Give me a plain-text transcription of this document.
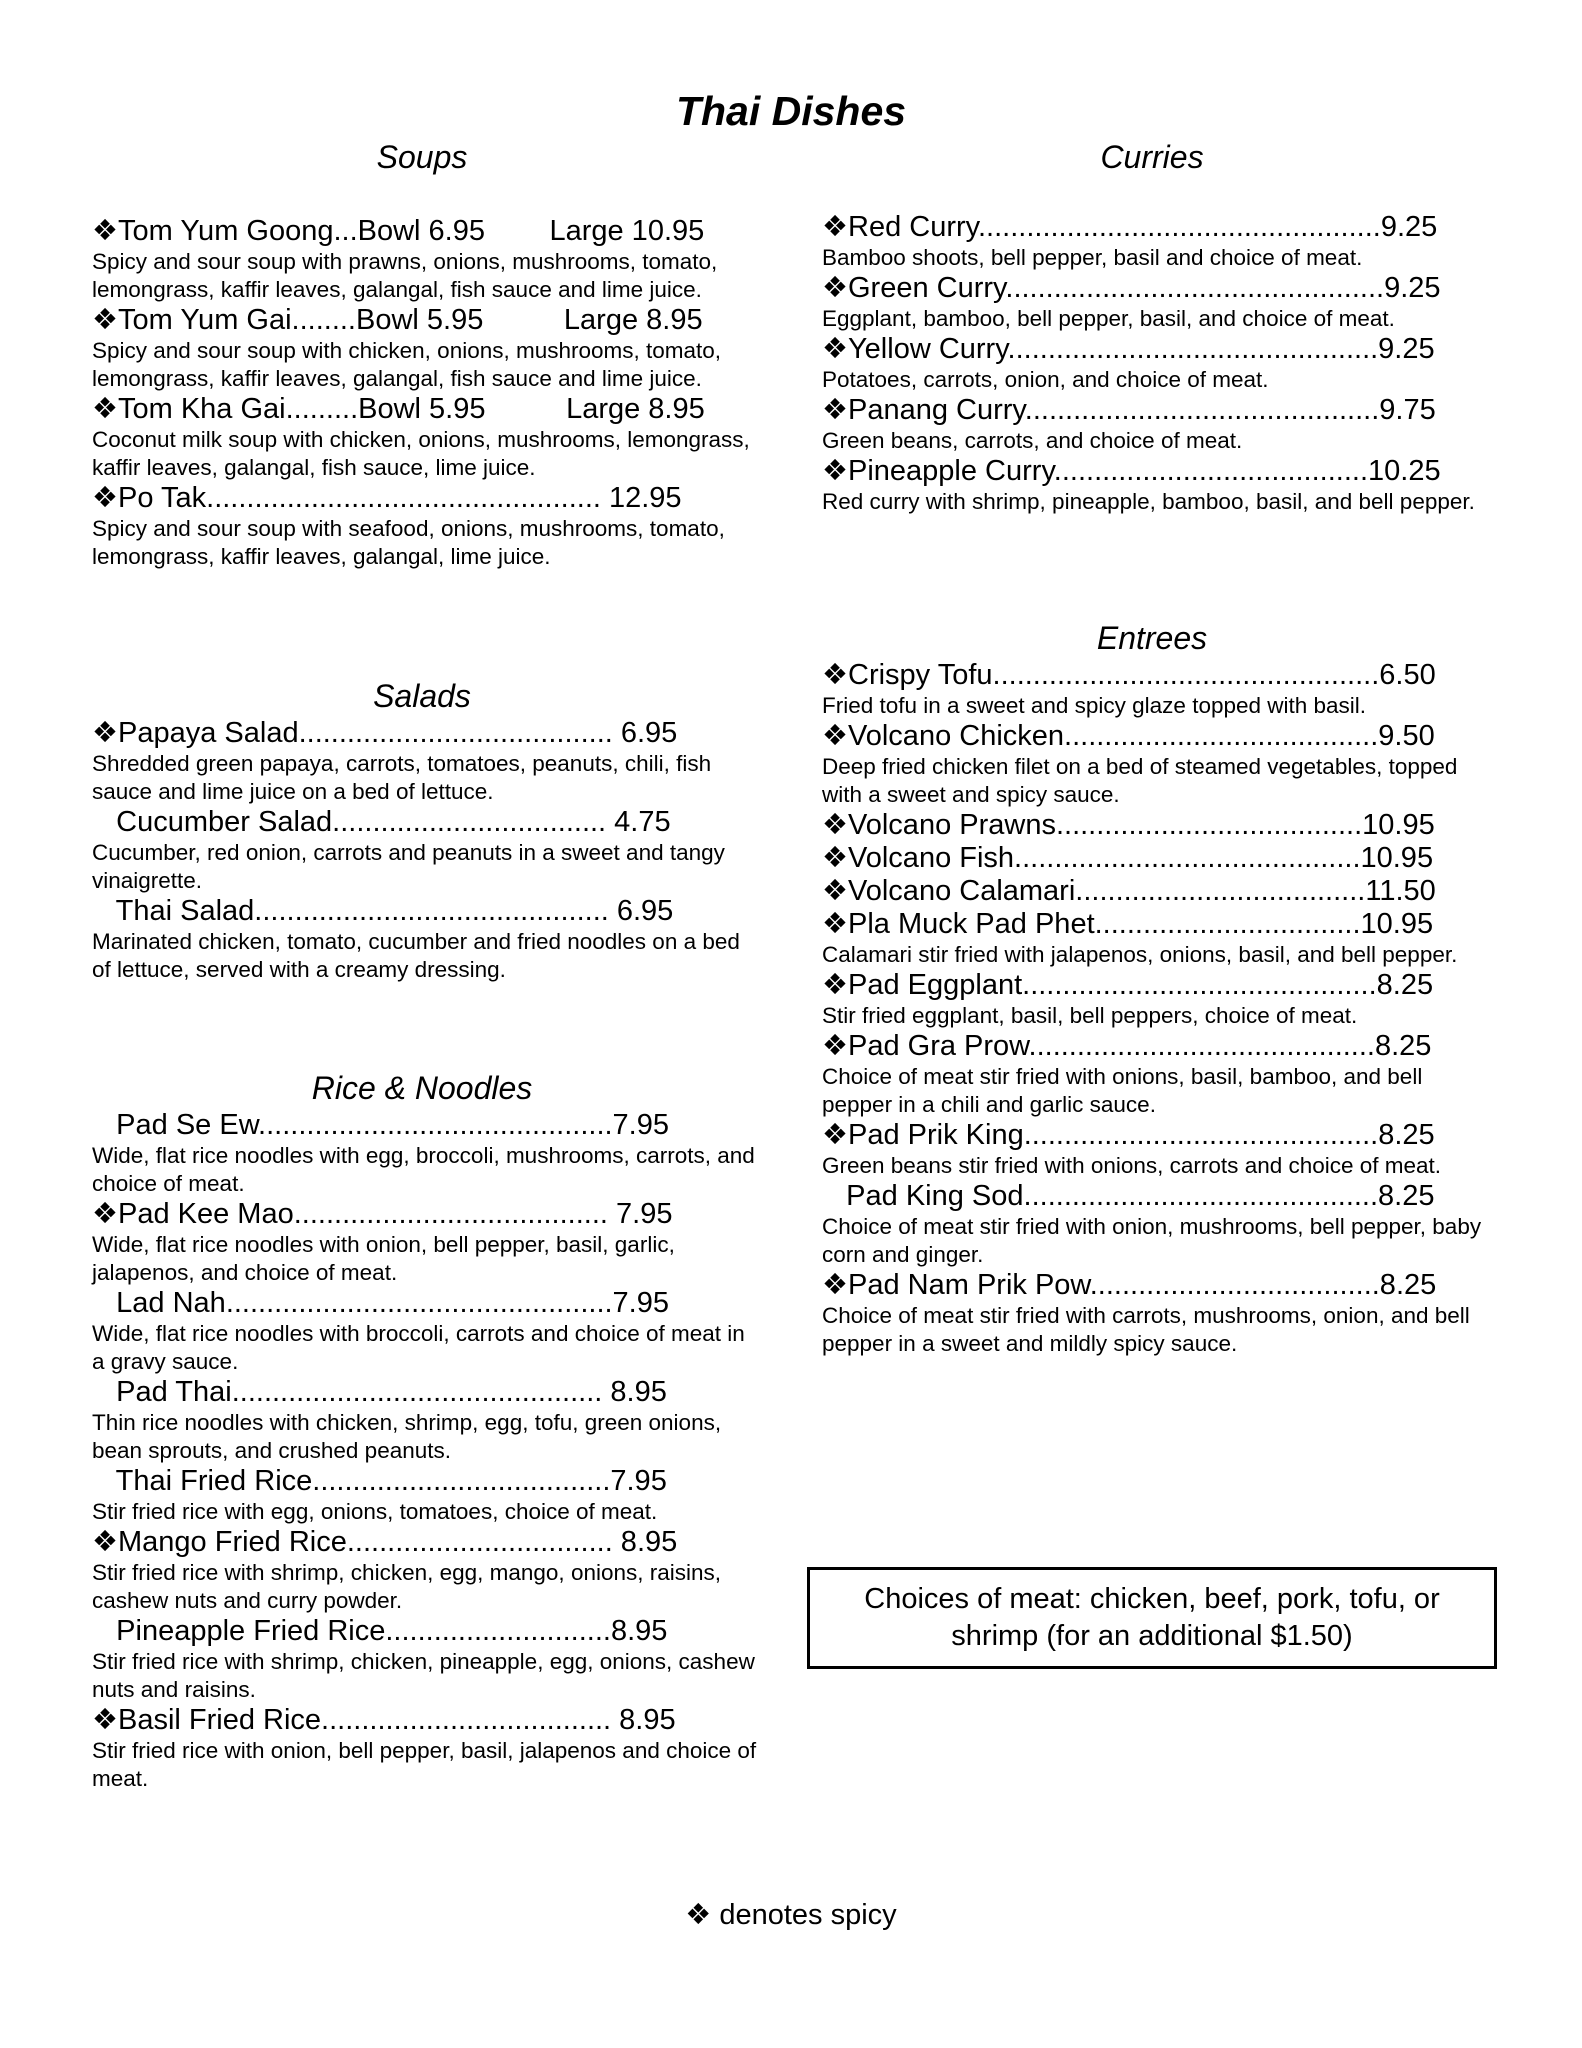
Thai Dishes
Soups
Salads
Rice & Noodles
Curries
Entrees
❖Tom Yum Goong...Bowl 6.95        Large 10.95
Spicy and sour soup with prawns, onions, mushrooms, tomato, lemongrass, kaffir leaves, galangal, fish sauce and lime juice.
❖Tom Yum Gai........Bowl 5.95          Large 8.95
Spicy and sour soup with chicken, onions, mushrooms, tomato, lemongrass, kaffir leaves, galangal, fish sauce and lime juice.
❖Tom Kha Gai.........Bowl 5.95          Large 8.95
Coconut milk soup with chicken, onions, mushrooms, lemongrass, kaffir leaves, galangal, fish sauce, lime juice.
❖Po Tak................................................. 12.95
Spicy and sour soup with seafood, onions, mushrooms, tomato, lemongrass, kaffir leaves, galangal, lime juice.
❖Papaya Salad....................................... 6.95
Shredded green papaya, carrots, tomatoes, peanuts, chili, fish sauce and lime juice on a bed of lettuce.
Cucumber Salad.................................. 4.75
Cucumber, red onion, carrots and peanuts in a sweet and tangy vinaigrette.
Thai Salad............................................ 6.95
Marinated chicken, tomato, cucumber and fried noodles on a bed of lettuce, served with a creamy dressing.
Pad Se Ew............................................7.95
Wide, flat rice noodles with egg, broccoli, mushrooms, carrots, and choice of meat.
❖Pad Kee Mao....................................... 7.95
Wide, flat rice noodles with onion, bell pepper, basil, garlic, jalapenos, and choice of meat.
Lad Nah................................................7.95
Wide, flat rice noodles with broccoli, carrots and choice of meat in a gravy sauce.
Pad Thai.............................................. 8.95
Thin rice noodles with chicken, shrimp, egg, tofu, green onions, bean sprouts, and crushed peanuts.
Thai Fried Rice.....................................7.95
Stir fried rice with egg, onions, tomatoes, choice of meat.
❖Mango Fried Rice................................. 8.95
Stir fried rice with shrimp, chicken, egg, mango, onions, raisins, cashew nuts and curry powder.
Pineapple Fried Rice............................8.95
Stir fried rice with shrimp, chicken, pineapple, egg, onions, cashew nuts and raisins.
❖Basil Fried Rice.................................... 8.95
Stir fried rice with onion, bell pepper, basil, jalapenos and choice of meat.
❖Red Curry..................................................9.25
Bamboo shoots, bell pepper, basil and choice of meat.
❖Green Curry...............................................9.25
Eggplant, bamboo, bell pepper, basil, and choice of meat.
❖Yellow Curry..............................................9.25
Potatoes, carrots, onion, and choice of meat.
❖Panang Curry............................................9.75
Green beans, carrots, and choice of meat.
❖Pineapple Curry.......................................10.25
Red curry with shrimp, pineapple, bamboo, basil, and bell pepper.
❖Crispy Tofu................................................6.50
Fried tofu in a sweet and spicy glaze topped with basil.
❖Volcano Chicken.......................................9.50
Deep fried chicken filet on a bed of steamed vegetables, topped with a sweet and spicy sauce.
❖Volcano Prawns......................................10.95
❖Volcano Fish...........................................10.95
❖Volcano Calamari....................................11.50
❖Pla Muck Pad Phet.................................10.95
Calamari stir fried with jalapenos, onions, basil, and bell pepper.
❖Pad Eggplant............................................8.25
Stir fried eggplant, basil, bell peppers, choice of meat.
❖Pad Gra Prow...........................................8.25
Choice of meat stir fried with onions, basil, bamboo, and bell pepper in a chili and garlic sauce.
❖Pad Prik King............................................8.25
Green beans stir fried with onions, carrots and choice of meat.
Pad King Sod............................................8.25
Choice of meat stir fried with onion, mushrooms, bell pepper, baby corn and ginger.
❖Pad Nam Prik Pow....................................8.25
Choice of meat stir fried with carrots, mushrooms, onion, and bell pepper in a sweet and mildly spicy sauce.
Choices of meat: chicken, beef, pork, tofu, or shrimp (for an additional $1.50)
❖ denotes spicy
